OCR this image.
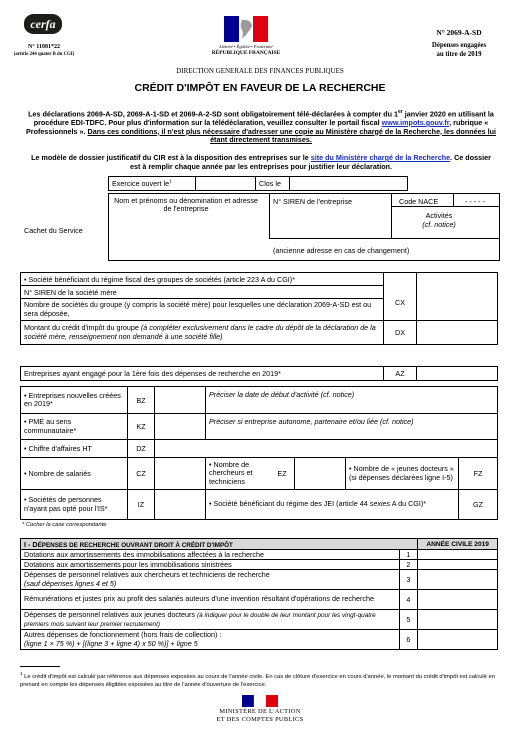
cerfa
N° 11081*22
(article 244 quater B du CGI)
Liberté • Égalité • Fraternité
RÉPUBLIQUE FRANÇAISE
N° 2069-A-SD
Dépenses engagées
au titre de 2019
DIRECTION GENERALE DES FINANCES PUBLIQUES
CRÉDIT D'IMPÔT EN FAVEUR DE LA RECHERCHE
Les déclarations 2069-A-SD, 2069-A-1-SD et 2069-A-2-SD sont obligatoirement télé-déclarées à compter du 1er janvier 2020 en utilisant la procédure EDI-TDFC. Pour plus d'information sur la télédéclaration, veuillez consulter le portail fiscal www.impots.gouv.fr, rubrique « Professionnels ». Dans ces conditions, il n'est plus nécessaire d'adresser une copie au Ministère chargé de la Recherche, les données lui étant directement transmises.
Le modèle de dossier justificatif du CIR est à la disposition des entreprises sur le site du Ministère chargé de la Recherche. Ce dossier est à remplir chaque année par les entreprises pour justifier leur déclaration.
Exercice ouvert $le^1$	Clos le
Nom et prénoms ou dénomination et adresse de l'entreprise
N° SIREN de l'entreprise	Code NACE	- - - - -
Activités
(cf. notice)
(ancienne adresse en cas de changement)
Cachet du Service
• Société bénéficiant du régime fiscal des groupes de sociétés (article 223 A du CGI)*		
N° SIREN de la société mère	CX	
Nombre de sociétés du groupe (y compris la société mère) pour lesquelles une déclaration 2069-A-SD est ou sera déposée,		
Montant du crédit d'impôt du groupe (à compléter exclusivement dans le cadre du dépôt de la déclaration de la société mère, renseignement non demandé à une société fille)	DX	
Entreprises ayant engagé pour la 1ère fois des dépenses de recherche en 2019*	AZ	
• Entreprises nouvelles créées en 2019*	BZ		Préciser la date de début d'activité (cf. notice)				
• PME au sens communautaire*	KZ		Préciser si entreprise autonome, partenaire et/ou liée (cf. notice)				
• Chiffre d'affaires HT	DZ						
• Nombre de salariés	CZ		• Nombre de chercheurs et techniciens	EZ		• Nombre de « jeunes docteurs » (si dépenses déclarées ligne I-5)	FZ
• Sociétés de personnes n'ayant pas opté pour l'IS*	IZ		• Société bénéficiant du régime des JEI (article 44 sexies A du CGI)*				GZ
* Cocher la case correspondante
I - DÉPENSES DE RECHERCHE OUVRANT DROIT À CRÉDIT D'IMPÔT		ANNÉE CIVILE 2019
Dotations aux amortissements des immobilisations affectées à la recherche	1	
Dotations aux amortissements pour les immobilisations sinistrées	2	
Dépenses de personnel relatives aux chercheurs et techniciens de recherche
(sauf dépenses lignes 4 et 5)	3	
Rémunérations et justes prix au profit des salariés auteurs d'une invention résultant d'opérations de recherche	4	
Dépenses de personnel relatives aux jeunes docteurs (à indiquer pour le double de leur montant pour les vingt-quatre premiers mois suivant leur premier recrutement)	5	
Autres dépenses de fonctionnement (hors frais de collection) :
(ligne 1 × 75 %) + [(ligne 3 + ligne 4) x 50 %)] + ligne 5	6	
$^1$ Le crédit d'impôt est calculé par référence aux dépenses exposées au cours de l'année civile. En cas de clôture d'exercice en cours d'année, le montant du crédit d'impôt est calculé en prenant en compte les dépenses éligibles exposées au titre de l'année d'ouverture de l'exercice.
MINISTÈRE DE L'ACTION
ET DES COMPTES PUBLICS
